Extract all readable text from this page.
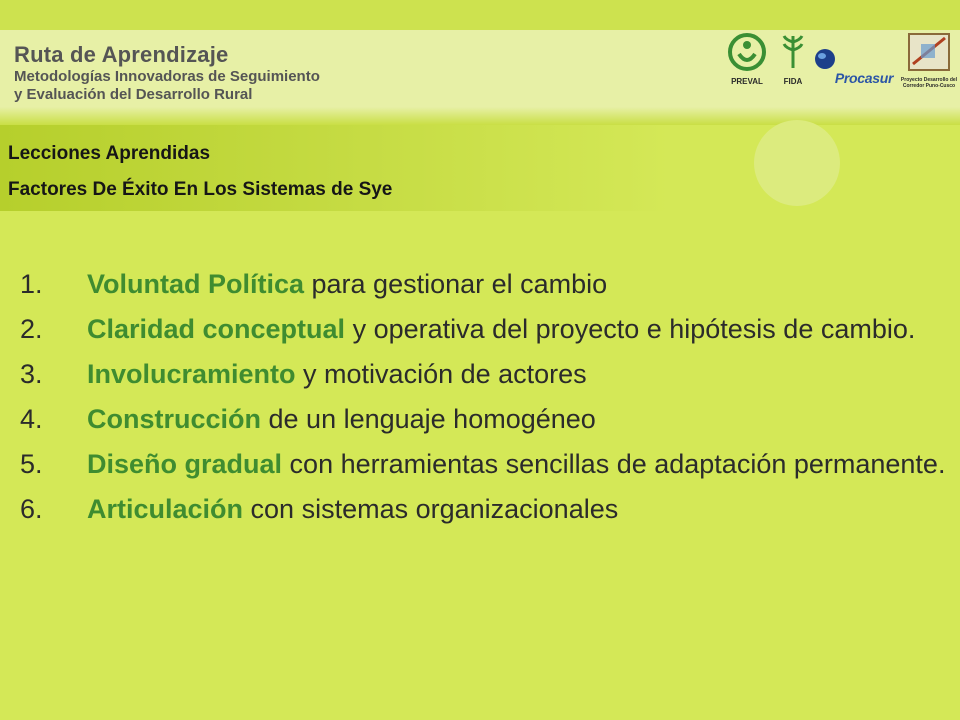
Ruta de Aprendizaje
Metodologías Innovadoras de Seguimiento
y Evaluación del Desarrollo Rural
PREVAL	FIDA	Procasur	Proyecto Desarrollo del Corredor Puno-Cusco
Lecciones Aprendidas
Factores De Éxito En Los Sistemas de Sye
1. Voluntad Política para gestionar el cambio
2. Claridad conceptual y operativa del proyecto e hipótesis de cambio.
3. Involucramiento y motivación de actores
4. Construcción de un lenguaje homogéneo
5. Diseño gradual con herramientas sencillas de adaptación permanente.
6. Articulación con sistemas organizacionales
